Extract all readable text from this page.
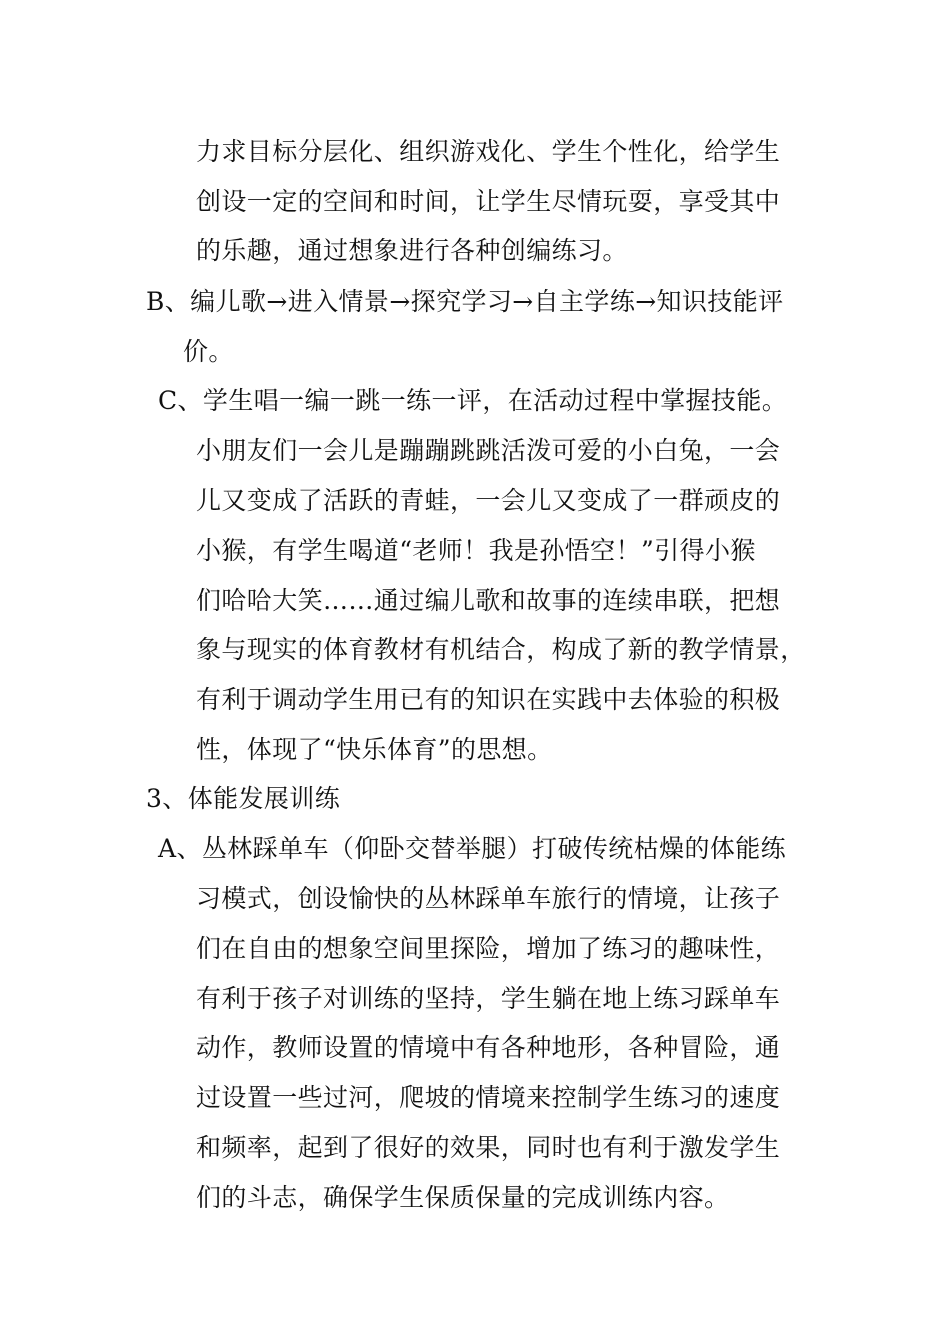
力求目标分层化、组织游戏化、学生个性化，给学生
创设一定的空间和时间，让学生尽情玩耍，享受其中
的乐趣，通过想象进行各种创编练习。
B、编儿歌→进入情景→探究学习→自主学练→知识技能评
价。
C、学生唱一编一跳一练一评，在活动过程中掌握技能。
小朋友们一会儿是蹦蹦跳跳活泼可爱的小白兔，一会
儿又变成了活跃的青蛙，一会儿又变成了一群顽皮的
小猴，有学生喝道“老师！我是孙悟空！”引得小猴
们哈哈大笑……通过编儿歌和故事的连续串联，把想
象与现实的体育教材有机结合，构成了新的教学情景，
有利于调动学生用已有的知识在实践中去体验的积极
性，体现了“快乐体育”的思想。
3、体能发展训练
A、丛林踩单车（仰卧交替举腿）打破传统枯燥的体能练
习模式，创设愉快的丛林踩单车旅行的情境，让孩子
们在自由的想象空间里探险，增加了练习的趣味性，
有利于孩子对训练的坚持，学生躺在地上练习踩单车
动作，教师设置的情境中有各种地形，各种冒险，通
过设置一些过河，爬坡的情境来控制学生练习的速度
和频率，起到了很好的效果，同时也有利于激发学生
们的斗志，确保学生保质保量的完成训练内容。
